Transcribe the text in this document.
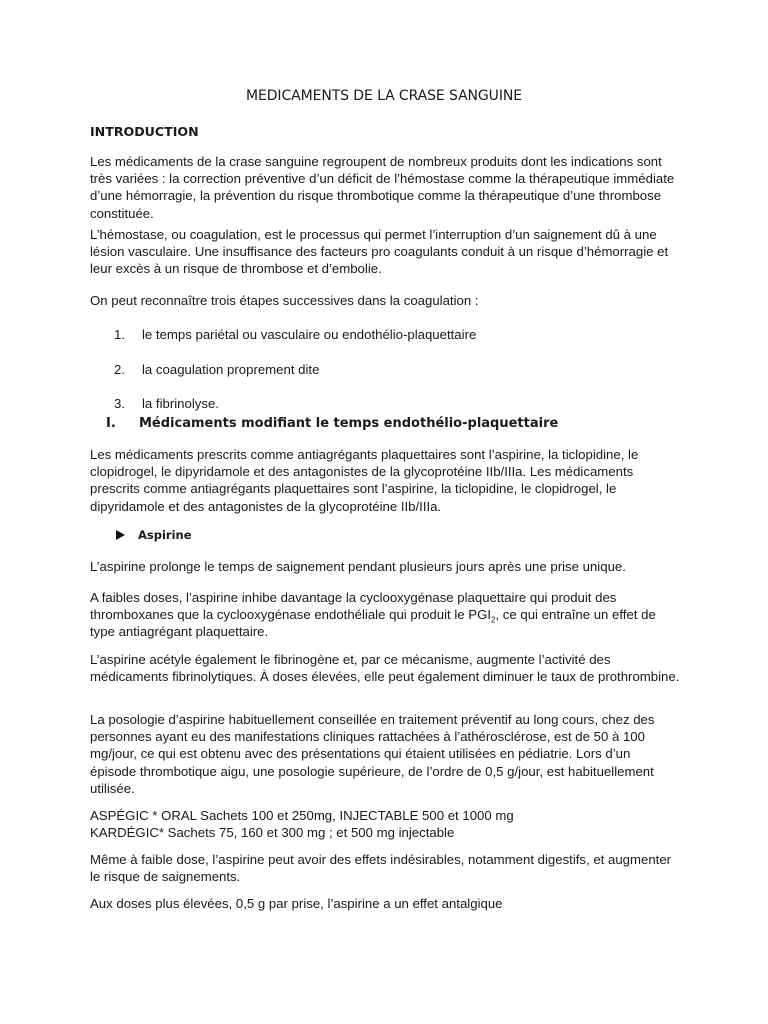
MEDICAMENTS DE LA CRASE SANGUINE

INTRODUCTION

Les médicaments de la crase sanguine regroupent de nombreux produits dont les indications sont très variées : la correction préventive d’un déficit de l’hémostase comme la thérapeutique immédiate d’une hémorragie, la prévention du risque thrombotique comme la thérapeutique d’une thrombose constituée.

L’hémostase, ou coagulation, est le processus qui permet l’interruption d’un saignement dû à une lésion vasculaire. Une insuffisance des facteurs pro coagulants conduit à un risque d’hémorragie et leur excès à un risque de thrombose et d’embolie.

On peut reconnaître trois étapes successives dans la coagulation :

1. le temps pariétal ou vasculaire ou endothélio-plaquettaire
2. la coagulation proprement dite
3. la fibrinolyse.
I. Médicaments modifiant le temps endothélio-plaquettaire

Les médicaments prescrits comme antiagrégants plaquettaires sont l’aspirine, la ticlopidine, le clopidrogel, le dipyridamole et des antagonistes de la glycoprotéine IIb/IIIa. Les médicaments prescrits comme antiagrégants plaquettaires sont l’aspirine, la ticlopidine, le clopidrogel, le dipyridamole et des antagonistes de la glycoprotéine IIb/IIIa.

Aspirine

L’aspirine prolonge le temps de saignement pendant plusieurs jours après une prise unique.

A faibles doses, l’aspirine inhibe davantage la cyclooxygénase plaquettaire qui produit des thromboxanes que la cyclooxygénase endothéliale qui produit le $PGI_2$, ce qui entraîne un effet de type antiagrégant plaquettaire.

L’aspirine acétyle également le fibrinogène et, par ce mécanisme, augmente l’activité des médicaments fibrinolytiques. À doses élevées, elle peut également diminuer le taux de prothrombine.

La posologie d’aspirine habituellement conseillée en traitement préventif au long cours, chez des personnes ayant eu des manifestations cliniques rattachées à l’athérosclérose, est de 50 à 100 mg/jour, ce qui est obtenu avec des présentations qui étaient utilisées en pédiatrie. Lors d’un épisode thrombotique aigu, une posologie supérieure, de l’ordre de 0,5 g/jour, est habituellement utilisée.

ASPÉGIC * ORAL Sachets 100 et 250mg, INJECTABLE 500 et 1000 mg

KARDÉGIC* Sachets 75, 160 et 300 mg ; et 500 mg injectable

Même à faible dose, l’aspirine peut avoir des effets indésirables, notamment digestifs, et augmenter le risque de saignements.

Aux doses plus élevées, 0,5 g par prise, l’aspirine a un effet antalgique
